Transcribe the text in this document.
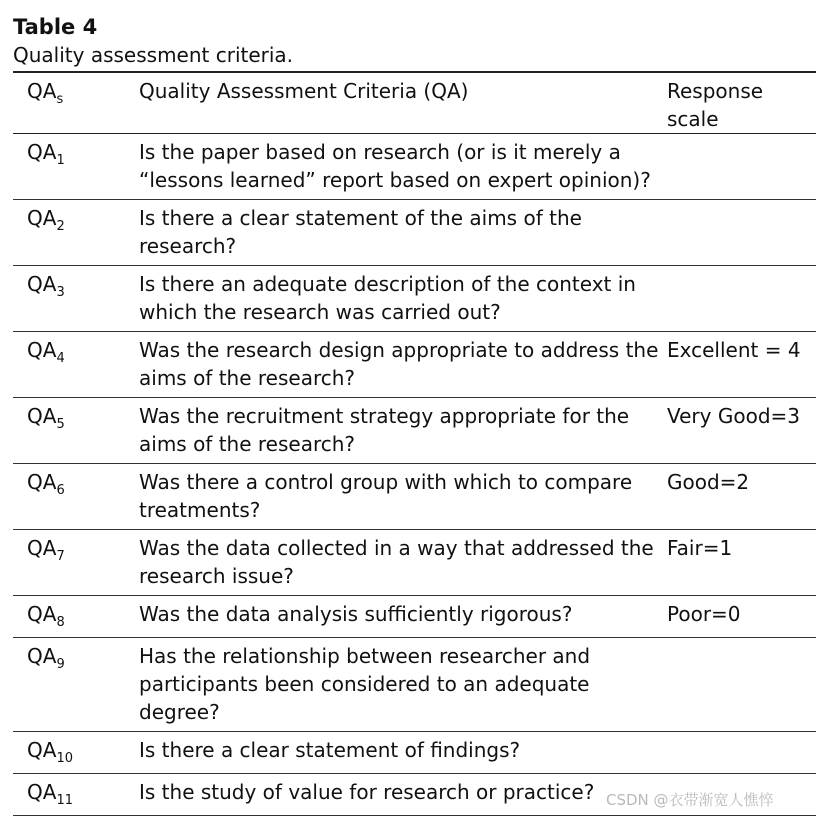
Table 4
Quality assessment criteria.
$QA_s$	Quality Assessment Criteria (QA)	Response scale
$QA_1$	Is the paper based on research (or is it merely a “lessons learned” report based on expert opinion)?	
$QA_2$	Is there a clear statement of the aims of the research?	
$QA_3$	Is there an adequate description of the context in which the research was carried out?	
$QA_4$	Was the research design appropriate to address the aims of the research?	Excellent = 4
$QA_5$	Was the recruitment strategy appropriate for the aims of the research?	Very Good=3
$QA_6$	Was there a control group with which to compare treatments?	Good=2
$QA_7$	Was the data collected in a way that addressed the research issue?	Fair=1
$QA_8$	Was the data analysis sufficiently rigorous?	Poor=0
$QA_9$	Has the relationship between researcher and participants been considered to an adequate degree?	
$QA_{10}$	Is there a clear statement of findings?	
$QA_{11}$	Is the study of value for research or practice?	CSDN @衣带渐宽人憔悴
